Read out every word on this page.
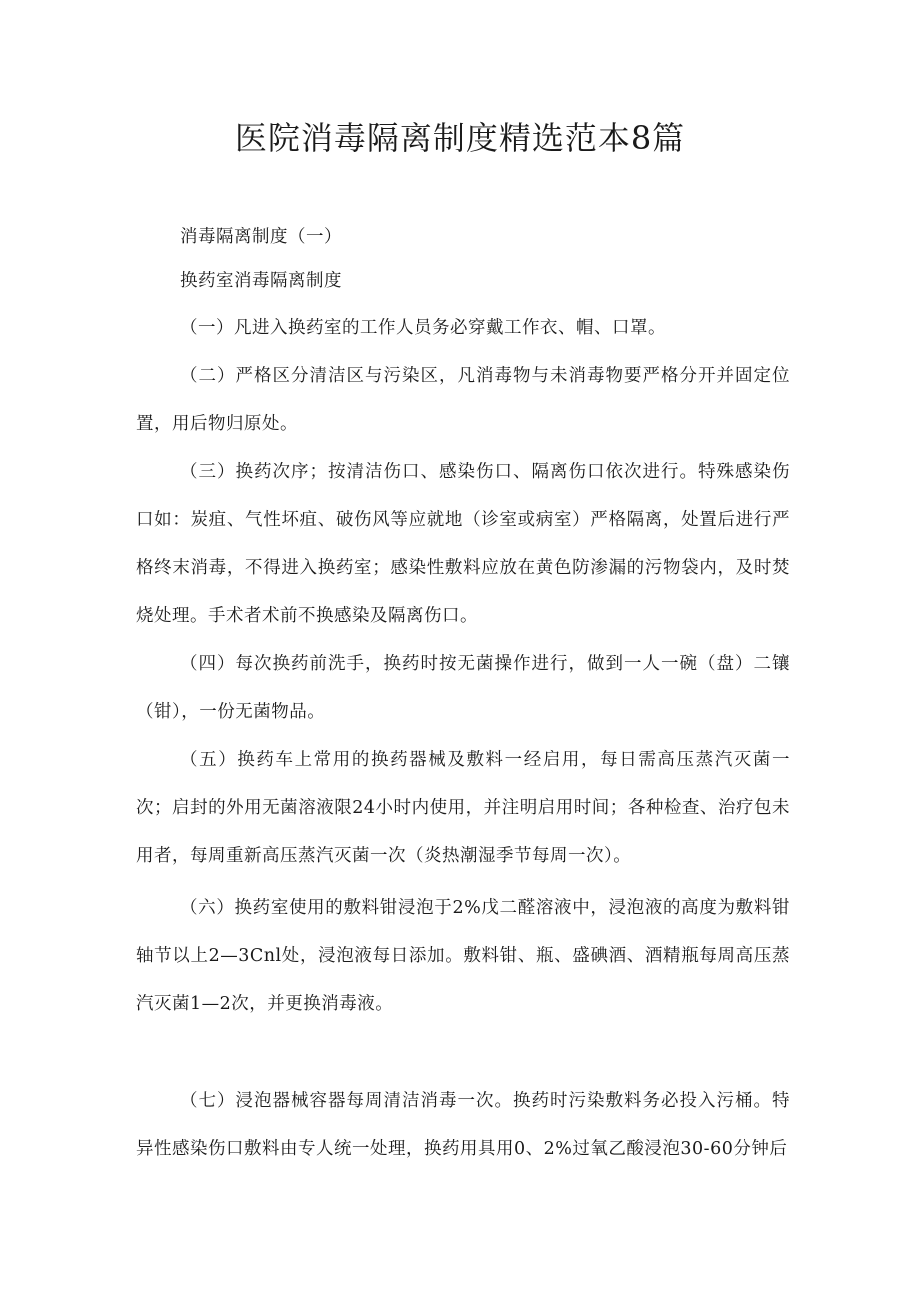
医院消毒隔离制度精选范本8篇

消毒隔离制度（一）

换药室消毒隔离制度

（一）凡进入换药室的工作人员务必穿戴工作衣、帽、口罩。

（二）严格区分清洁区与污染区，凡消毒物与未消毒物要严格分开并固定位置，用后物归原处。

（三）换药次序；按清洁伤口、感染伤口、隔离伤口依次进行。特殊感染伤口如：炭疽、气性坏疽、破伤风等应就地（诊室或病室）严格隔离，处置后进行严格终末消毒，不得进入换药室；感染性敷料应放在黄色防渗漏的污物袋内，及时焚烧处理。手术者术前不换感染及隔离伤口。

（四）每次换药前洗手，换药时按无菌操作进行，做到一人一碗（盘）二镶（钳），一份无菌物品。

（五）换药车上常用的换药器械及敷料一经启用，每日需高压蒸汽灭菌一次；启封的外用无菌溶液限24小时内使用，并注明启用时间；各种检查、治疗包未用者，每周重新高压蒸汽灭菌一次（炎热潮湿季节每周一次）。

（六）换药室使用的敷料钳浸泡于2%戊二醛溶液中，浸泡液的高度为敷料钳轴节以上2—3Cnl处，浸泡液每日添加。敷料钳、瓶、盛碘酒、酒精瓶每周高压蒸汽灭菌1—2次，并更换消毒液。

（七）浸泡器械容器每周清洁消毒一次。换药时污染敷料务必投入污桶。特异性感染伤口敷料由专人统一处理，换药用具用0、2%过氧乙酸浸泡30-60分钟后
